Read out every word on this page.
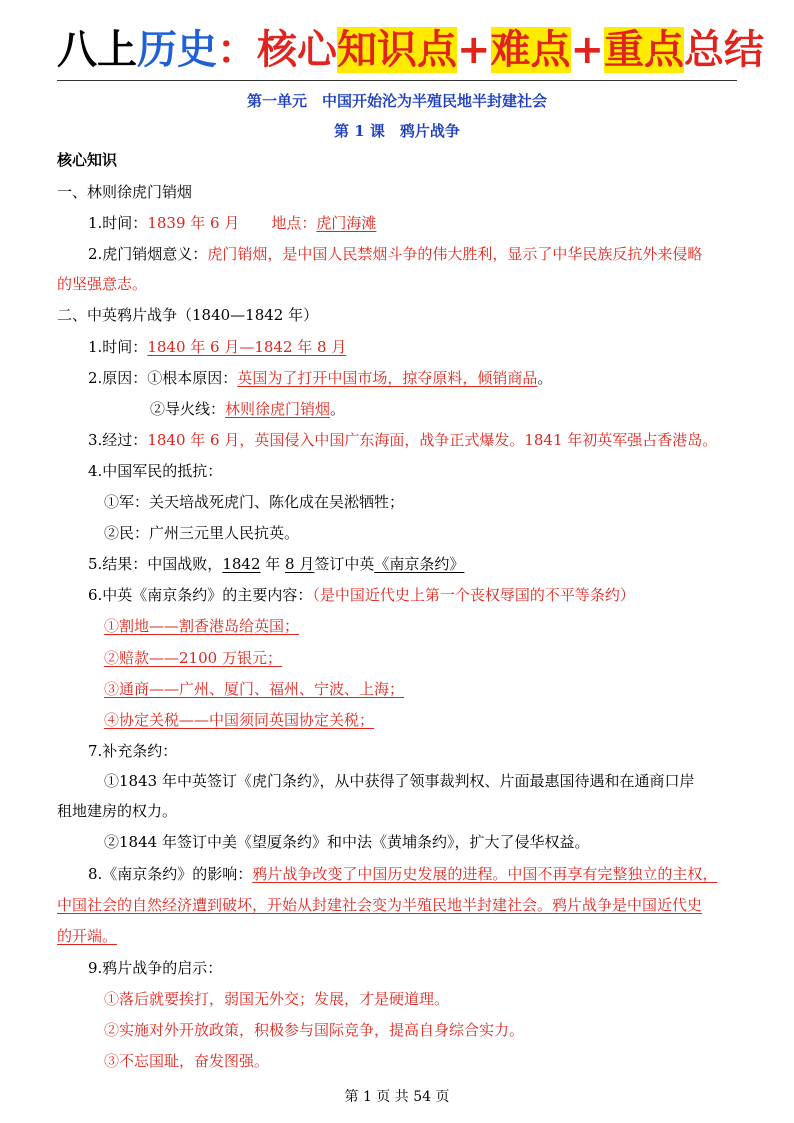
八上历史：核心知识点+难点+重点总结
第一单元　中国开始沦为半殖民地半封建社会
第 1 课　鸦片战争
核心知识
一、林则徐虎门销烟
1.时间：1839 年 6 月 地点：虎门海滩
2.虎门销烟意义：虎门销烟，是中国人民禁烟斗争的伟大胜利，显示了中华民族反抗外来侵略
的坚强意志。
二、中英鸦片战争（1840—1842 年）
1.时间：1840 年 6 月—1842 年 8 月
2.原因：①根本原因：英国为了打开中国市场，掠夺原料，倾销商品。
②导火线：林则徐虎门销烟。
3.经过：1840 年 6 月，英国侵入中国广东海面，战争正式爆发。1841 年初英军强占香港岛。
4.中国军民的抵抗：
①军：关天培战死虎门、陈化成在吴淞牺牲；
②民：广州三元里人民抗英。
5.结果：中国战败，1842 年 8 月签订中英《南京条约》
6.中英《南京条约》的主要内容：（是中国近代史上第一个丧权辱国的不平等条约）
①割地——割香港岛给英国；
②赔款——2100 万银元；
③通商——广州、厦门、福州、宁波、上海；
④协定关税——中国须同英国协定关税；
7.补充条约：
①1843 年中英签订《虎门条约》，从中获得了领事裁判权、片面最惠国待遇和在通商口岸
租地建房的权力。
②1844 年签订中美《望厦条约》和中法《黄埔条约》，扩大了侵华权益。
8.《南京条约》的影响：鸦片战争改变了中国历史发展的进程。中国不再享有完整独立的主权，
中国社会的自然经济遭到破坏，开始从封建社会变为半殖民地半封建社会。鸦片战争是中国近代史
的开端。
9.鸦片战争的启示：
①落后就要挨打，弱国无外交；发展，才是硬道理。
②实施对外开放政策，积极参与国际竞争，提高自身综合实力。
③不忘国耻，奋发图强。
第 1 页 共 54 页
